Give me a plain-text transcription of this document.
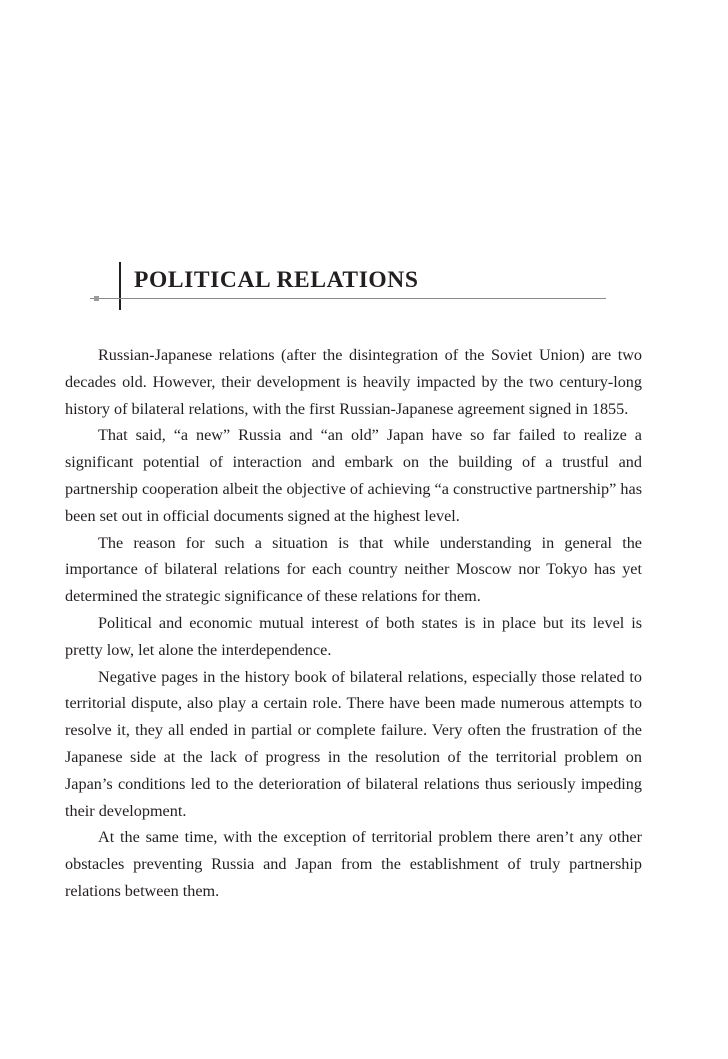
POLITICAL RELATIONS

Russian-Japanese relations (after the disintegration of the Soviet Union) are two decades old. However, their development is heavily impacted by the two century-long history of bilateral relations, with the first Russian-Japanese agreement signed in 1855.

That said, “a new” Russia and “an old” Japan have so far failed to realize a significant potential of interaction and embark on the building of a trustful and partnership cooperation albeit the objective of achieving “a constructive partnership” has been set out in official documents signed at the highest level.

The reason for such a situation is that while understanding in general the importance of bilateral relations for each country neither Moscow nor Tokyo has yet determined the strategic significance of these relations for them.

Political and economic mutual interest of both states is in place but its level is pretty low, let alone the interdependence.

Negative pages in the history book of bilateral relations, especially those related to territorial dispute, also play a certain role. There have been made numerous attempts to resolve it, they all ended in partial or complete failure. Very often the frustration of the Japanese side at the lack of progress in the resolution of the territorial problem on Japan’s conditions led to the deterioration of bilateral relations thus seriously impeding their development.

At the same time, with the exception of territorial problem there aren’t any other obstacles preventing Russia and Japan from the establishment of truly partnership relations between them.
